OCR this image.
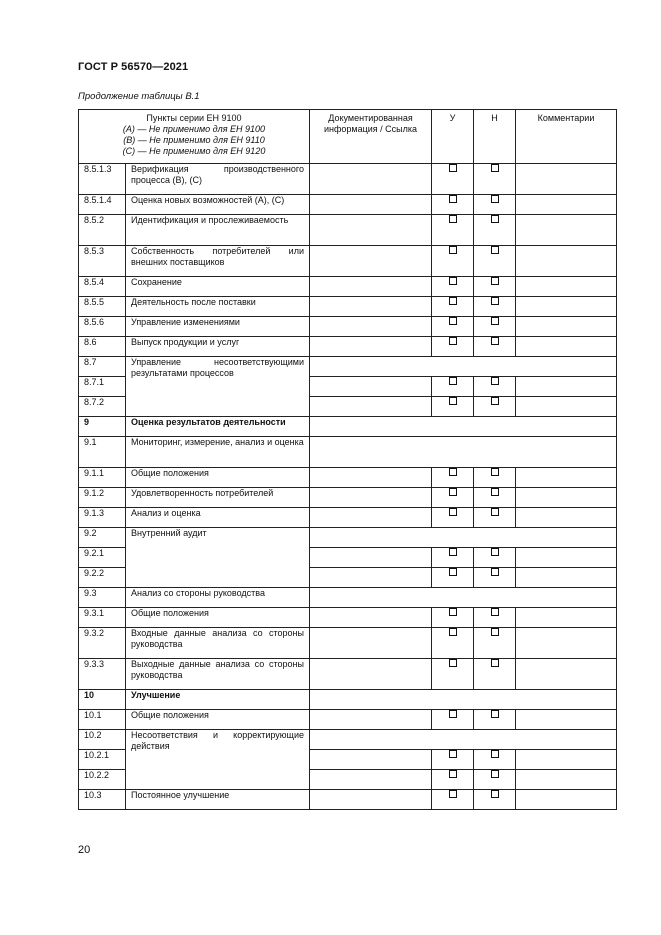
ГОСТ Р 56570—2021
Продолжение таблицы В.1
Пункты серии ЕН 9100
(А) — Не применимо для ЕН 9100
(В) — Не применимо для ЕН 9110
(С) — Не применимо для ЕН 9120		Документированная информация / Ссылка	У	Н	Комментарии
8.5.1.3	Верификация производственного процесса (В), (С)				
8.5.1.4	Оценка новых возможностей (А), (С)				
8.5.2	Идентификация и прослеживаемость				
8.5.3	Собственность потребителей или внешних поставщиков				
8.5.4	Сохранение				
8.5.5	Деятельность после поставки				
8.5.6	Управление изменениями				
8.6	Выпуск продукции и услуг				
8.7	Управление несоответствующими результатами процессов				
8.7.1					
8.7.2					
9	Оценка результатов деятельности				
9.1	Мониторинг, измерение, анализ и оценка				
9.1.1	Общие положения				
9.1.2	Удовлетворенность потребителей				
9.1.3	Анализ и оценка				
9.2	Внутренний аудит				
9.2.1					
9.2.2					
9.3	Анализ со стороны руководства				
9.3.1	Общие положения				
9.3.2	Входные данные анализа со стороны руководства				
9.3.3	Выходные данные анализа со стороны руководства				
10	Улучшение				
10.1	Общие положения				
10.2	Несоответствия и корректирующие действия				
10.2.1					
10.2.2					
10.3	Постоянное улучшение				
20
